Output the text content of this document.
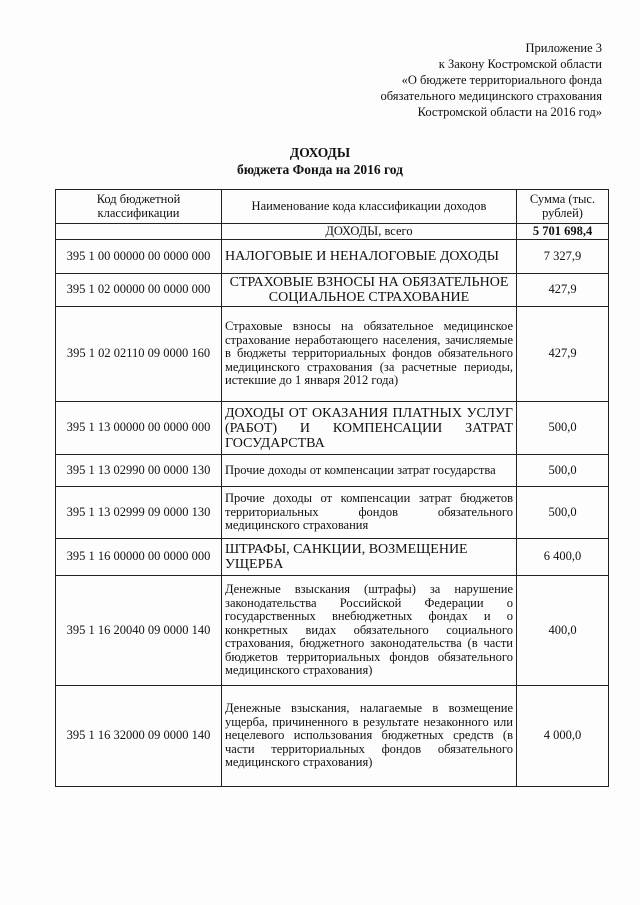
Приложение 3
к Закону Костромской области
«О бюджете территориального фонда
обязательного медицинского страхования
Костромской области на 2016 год»
ДОХОДЫ
бюджета Фонда на 2016 год
Код бюджетной классификации	Наименование кода классификации доходов	Сумма (тыс. рублей)
	ДОХОДЫ, всего	5 701 698,4
395 1 00 00000 00 0000 000	НАЛОГОВЫЕ И НЕНАЛОГОВЫЕ ДОХОДЫ	7 327,9
395 1 02 00000 00 0000 000	СТРАХОВЫЕ ВЗНОСЫ НА ОБЯЗАТЕЛЬНОЕ СОЦИАЛЬНОЕ СТРАХОВАНИЕ	427,9
395 1 02 02110 09 0000 160	Страховые взносы на обязательное медицинское страхование неработающего населения, зачисляемые в бюджеты территориальных фондов обязательного медицинского страхования (за расчетные периоды, истекшие до 1 января 2012 года)	427,9
395 1 13 00000 00 0000 000	ДОХОДЫ ОТ ОКАЗАНИЯ ПЛАТНЫХ УСЛУГ (РАБОТ) И КОМПЕНСАЦИИ ЗАТРАТ ГОСУДАРСТВА	500,0
395 1 13 02990 00 0000 130	Прочие доходы от компенсации затрат государства	500,0
395 1 13 02999 09 0000 130	Прочие доходы от компенсации затрат бюджетов территориальных фондов обязательного медицинского страхования	500,0
395 1 16 00000 00 0000 000	ШТРАФЫ, САНКЦИИ, ВОЗМЕЩЕНИЕ УЩЕРБА	6 400,0
395 1 16 20040 09 0000 140	Денежные взыскания (штрафы) за нарушение законодательства Российской Федерации о государственных внебюджетных фондах и о конкретных видах обязательного социального страхования, бюджетного законодательства (в части бюджетов территориальных фондов обязательного медицинского страхования)	400,0
395 1 16 32000 09 0000 140	Денежные взыскания, налагаемые в возмещение ущерба, причиненного в результате незаконного или нецелевого использования бюджетных средств (в части территориальных фондов обязательного медицинского страхования)	4 000,0
